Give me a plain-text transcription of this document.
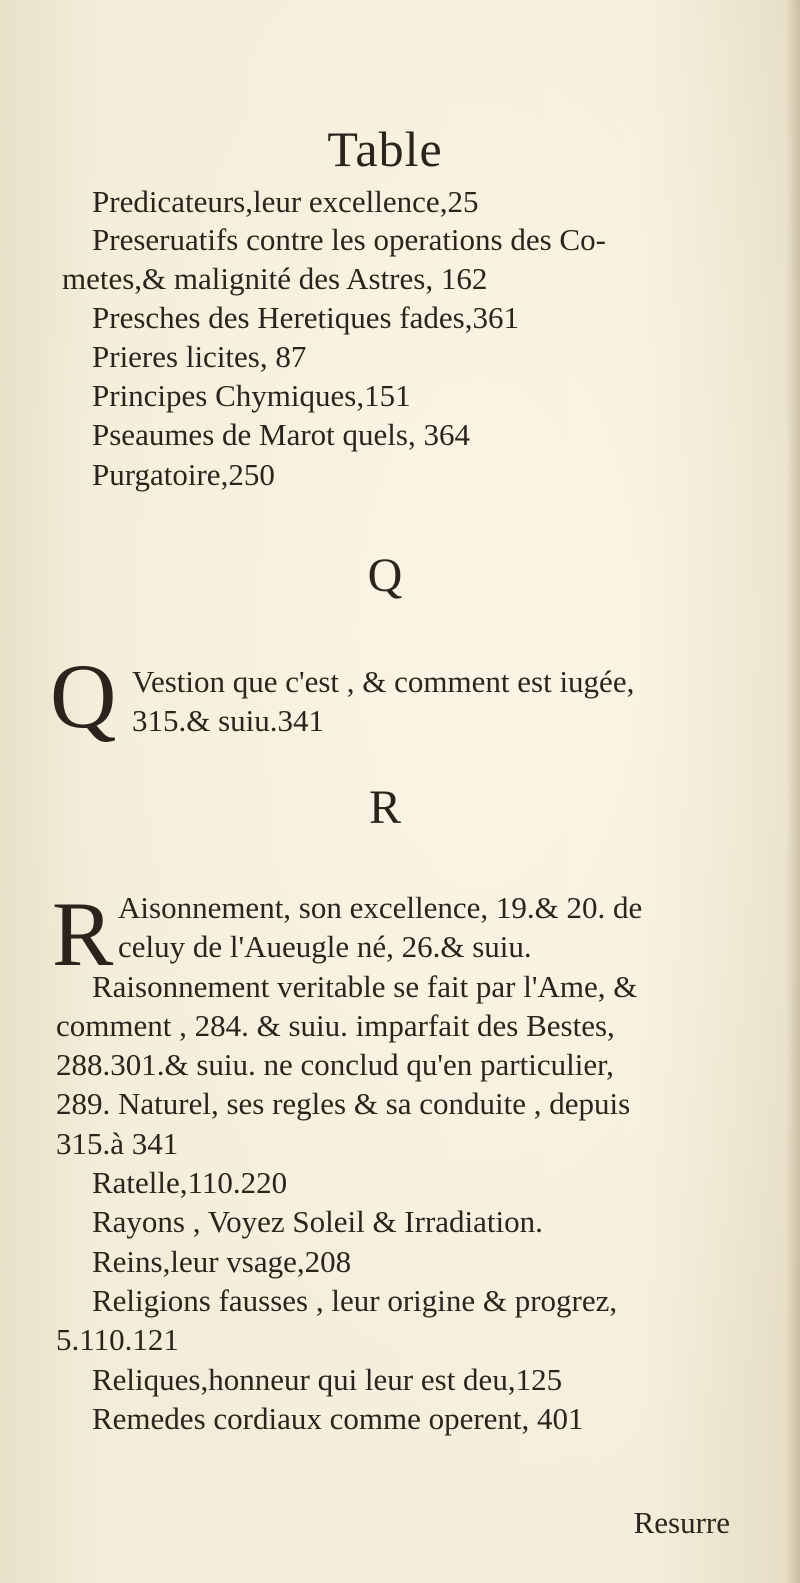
Table
Predicateurs,leur excellence,25
Preseruatifs contre les operations des Co-
metes,& malignité des Astres, 162
Presches des Heretiques fades,361
Prieres licites, 87
Principes Chymiques,151
Pseaumes de Marot quels, 364
Purgatoire,250
Q
Q Vestion que c'est , & comment est iugée,
315.& suiu.341
R
R Aisonnement, son excellence, 19.& 20. de
celuy de l'Aueugle né, 26.& suiu.
Raisonnement veritable se fait par l'Ame, &
comment , 284. & suiu. imparfait des Bestes,
288.301.& suiu. ne conclud qu'en particulier,
289. Naturel, ses regles & sa conduite , depuis
315.à 341
Ratelle,110.220
Rayons , Voyez Soleil & Irradiation.
Reins,leur vsage,208
Religions fausses , leur origine & progrez,
5.110.121
Reliques,honneur qui leur est deu,125
Remedes cordiaux comme operent, 401
Resurre
